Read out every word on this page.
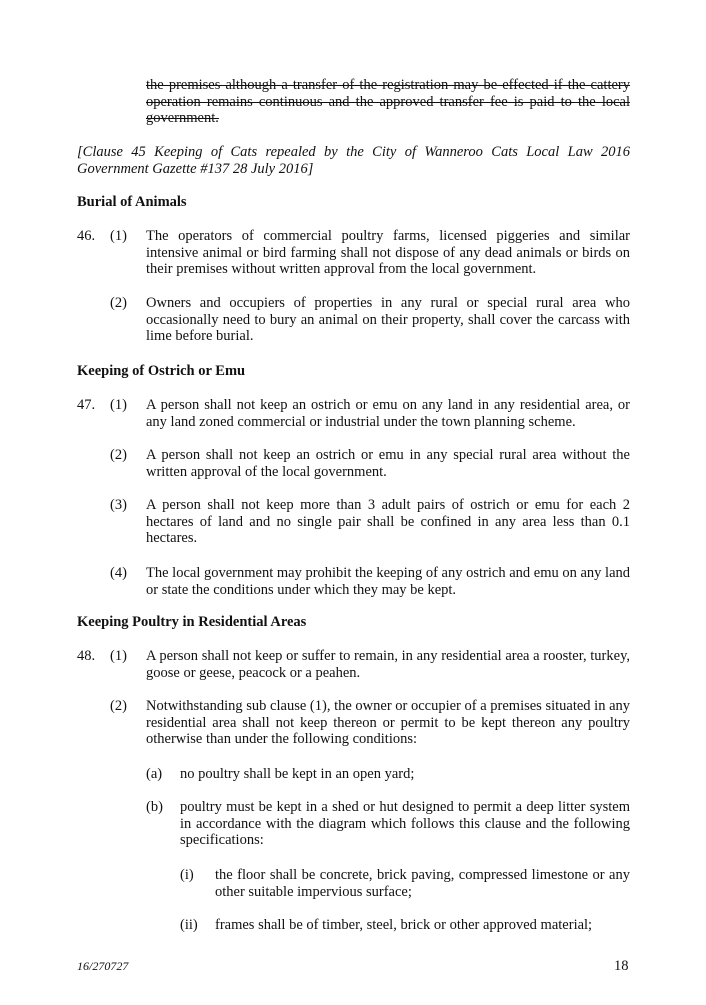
the premises although a transfer of the registration may be effected if the cattery operation remains continuous and the approved transfer fee is paid to the local government.
[Clause 45 Keeping of Cats repealed by the City of Wanneroo Cats Local Law 2016 Government Gazette #137 28 July 2016]
Burial of Animals
46. (1) The operators of commercial poultry farms, licensed piggeries and similar intensive animal or bird farming shall not dispose of any dead animals or birds on their premises without written approval from the local government.
(2) Owners and occupiers of properties in any rural or special rural area who occasionally need to bury an animal on their property, shall cover the carcass with lime before burial.
Keeping of Ostrich or Emu
47. (1) A person shall not keep an ostrich or emu on any land in any residential area, or any land zoned commercial or industrial under the town planning scheme.
(2) A person shall not keep an ostrich or emu in any special rural area without the written approval of the local government.
(3) A person shall not keep more than 3 adult pairs of ostrich or emu for each 2 hectares of land and no single pair shall be confined in any area less than 0.1 hectares.
(4) The local government may prohibit the keeping of any ostrich and emu on any land or state the conditions under which they may be kept.
Keeping Poultry in Residential Areas
48. (1) A person shall not keep or suffer to remain, in any residential area a rooster, turkey, goose or geese, peacock or a peahen.
(2) Notwithstanding sub clause (1), the owner or occupier of a premises situated in any residential area shall not keep thereon or permit to be kept thereon any poultry otherwise than under the following conditions:
(a) no poultry shall be kept in an open yard;
(b) poultry must be kept in a shed or hut designed to permit a deep litter system in accordance with the diagram which follows this clause and the following specifications:
(i) the floor shall be concrete, brick paving, compressed limestone or any other suitable impervious surface;
(ii) frames shall be of timber, steel, brick or other approved material;
16/270727	18
